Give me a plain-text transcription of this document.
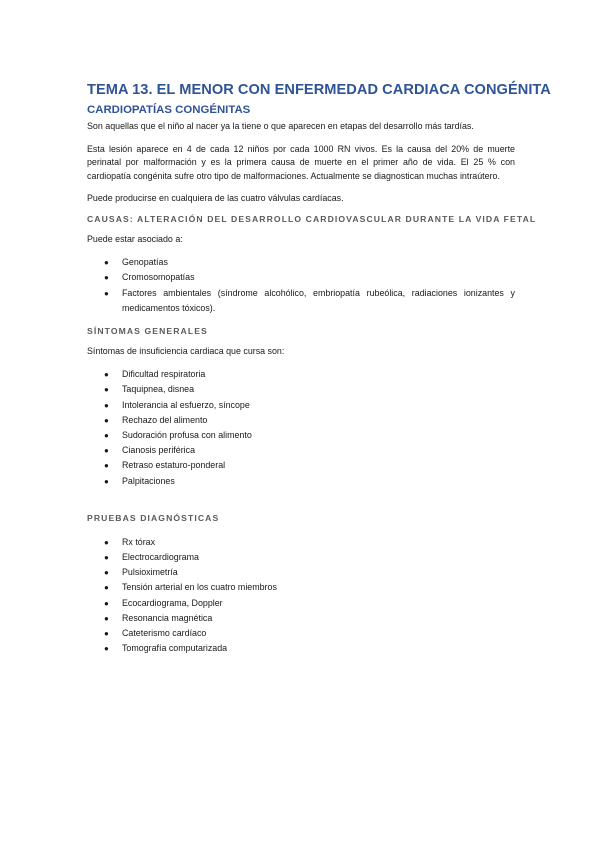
TEMA 13. EL MENOR CON ENFERMEDAD CARDIACA CONGÉNITA
CARDIOPATÍAS CONGÉNITAS

Son aquellas que el niño al nacer ya la tiene o que aparecen en etapas del desarrollo más tardías.

Esta lesión aparece en 4 de cada 12 niños por cada 1000 RN vivos. Es la causa del 20% de muerte perinatal por malformación y es la primera causa de muerte en el primer año de vida. El 25 % con cardiopatía congénita sufre otro tipo de malformaciones. Actualmente se diagnostican muchas intraútero.

Puede producirse en cualquiera de las cuatro válvulas cardíacas.

CAUSAS: ALTERACIÓN DEL DESARROLLO CARDIOVASCULAR DURANTE LA VIDA FETAL

Puede estar asociado a:

● Genopatías
● Cromosomopatías
● Factores ambientales (síndrome alcohólico, embriopatía rubeólica, radiaciones ionizantes y medicamentos tóxicos).
SÍNTOMAS GENERALES

Síntomas de insuficiencia cardiaca que cursa son:

● Dificultad respiratoria
● Taquipnea, disnea
● Intolerancia al esfuerzo, síncope
● Rechazo del alimento
● Sudoración profusa con alimento
● Cianosis periférica
● Retraso estaturo-ponderal
● Palpitaciones
PRUEBAS DIAGNÓSTICAS
● Rx tórax
● Electrocardiograma
● Pulsioximetría
● Tensión arterial en los cuatro miembros
● Ecocardiograma, Doppler
● Resonancia magnética
● Cateterismo cardíaco
● Tomografía computarizada
